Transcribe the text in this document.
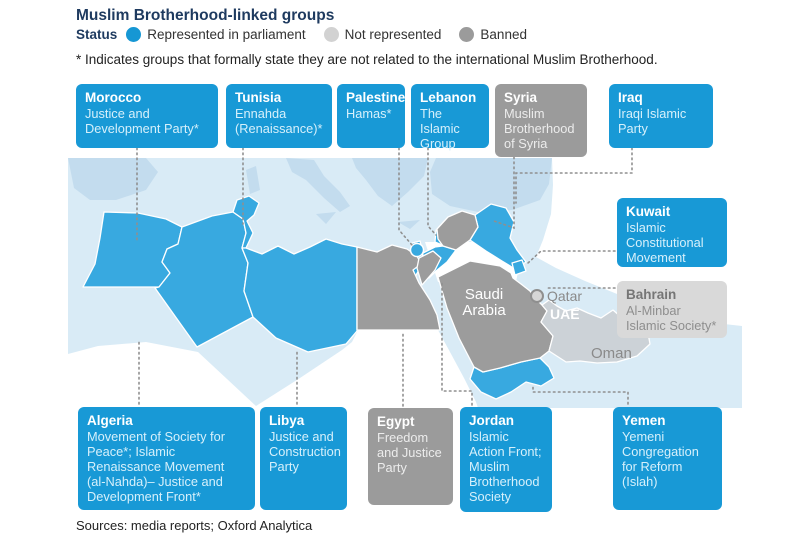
Muslim Brotherhood-linked groups
Status Represented in parliament	Not represented	Banned
* Indicates groups that formally state they are not related to the international Muslim Brotherhood.
Saudi Arabia
Qatar
UAE
Oman
Morocco
Justice and Development Party*
Tunisia
Ennahda (Renaissance)*
Palestine
Hamas*
Lebanon
The Islamic Group
Syria
Muslim Brotherhood of Syria
Iraq
Iraqi Islamic Party
Kuwait
Islamic Constitutional Movement
Bahrain
Al-Minbar Islamic Society*
Algeria
Movement of Society for Peace*; Islamic Renaissance Movement (al-Nahda)– Justice and Development Front*
Libya
Justice and Construction Party
Egypt
Freedom and Justice Party
Jordan
Islamic Action Front; Muslim Brotherhood Society
Yemen
Yemeni Congregation for Reform (Islah)
Sources: media reports; Oxford Analytica
